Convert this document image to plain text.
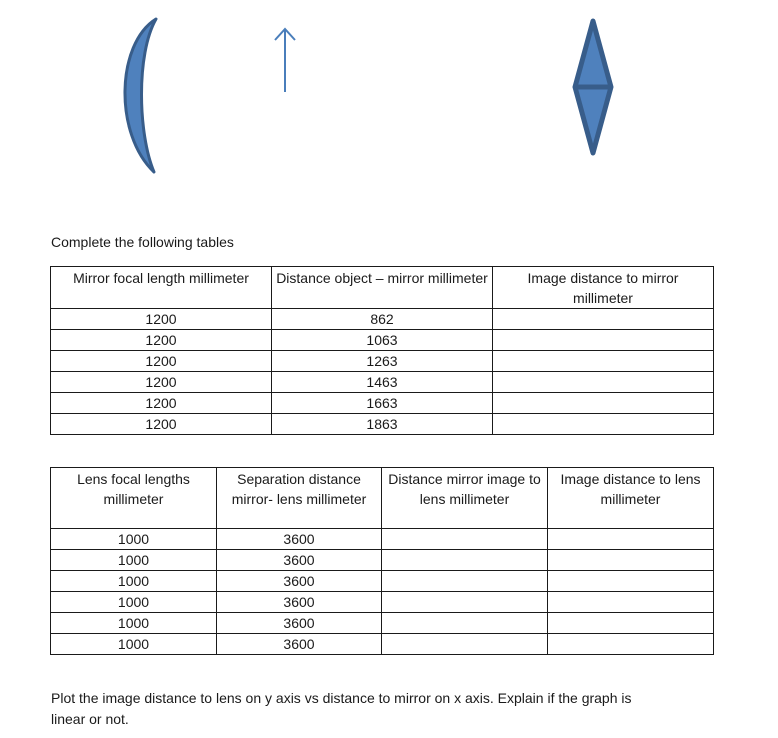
Complete the following tables

Mirror focal length millimeter	Distance object – mirror millimeter	Image distance to mirror millimeter
1200	862	
1200	1063	
1200	1263	
1200	1463	
1200	1663	
1200	1863	
Lens focal lengths millimeter	Separation distance mirror- lens millimeter	Distance mirror image to lens millimeter	Image distance to lens millimeter
1000	3600		
1000	3600		
1000	3600		
1000	3600		
1000	3600		
1000	3600		

Plot the image distance to lens on y axis vs distance to mirror on x axis. Explain if the graph is

linear or not.
